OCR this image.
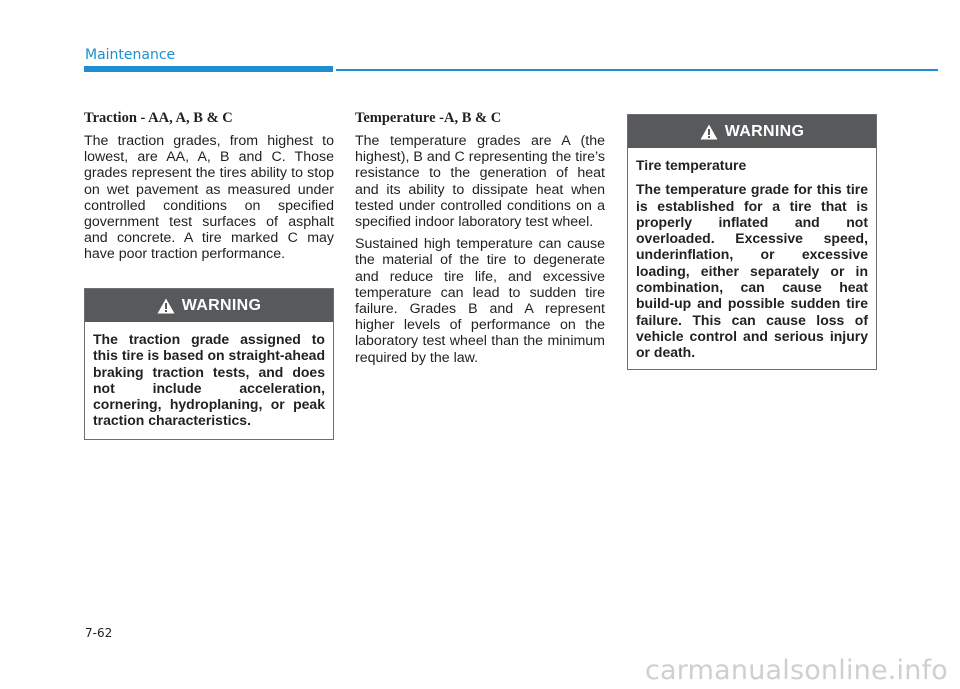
Maintenance
Traction - AA, A, B & C

The traction grades, from highest to lowest, are AA, A, B and C. Those grades represent the tires ability to stop on wet pavement as measured under controlled conditions on specified government test surfaces of asphalt and concrete. A tire marked C may have poor traction performance.

WARNING

The traction grade assigned to this tire is based on straight-ahead braking traction tests, and does not include acceleration, cornering, hydroplaning, or peak traction characteristics.

Temperature -A, B & C

The temperature grades are A (the highest), B and C representing the tire’s resistance to the generation of heat and its ability to dissipate heat when tested under controlled conditions on a specified indoor laboratory test wheel.

Sustained high temperature can cause the material of the tire to degenerate and reduce tire life, and excessive temperature can lead to sudden tire failure. Grades B and A represent higher levels of performance on the laboratory test wheel than the minimum required by the law.

WARNING

Tire temperature

The temperature grade for this tire is established for a tire that is properly inflated and not overloaded. Excessive speed, underinflation, or excessive loading, either separately or in combination, can cause heat build-up and possible sudden tire failure. This can cause loss of vehicle control and serious injury or death.

7-62
carmanualsonline.info
